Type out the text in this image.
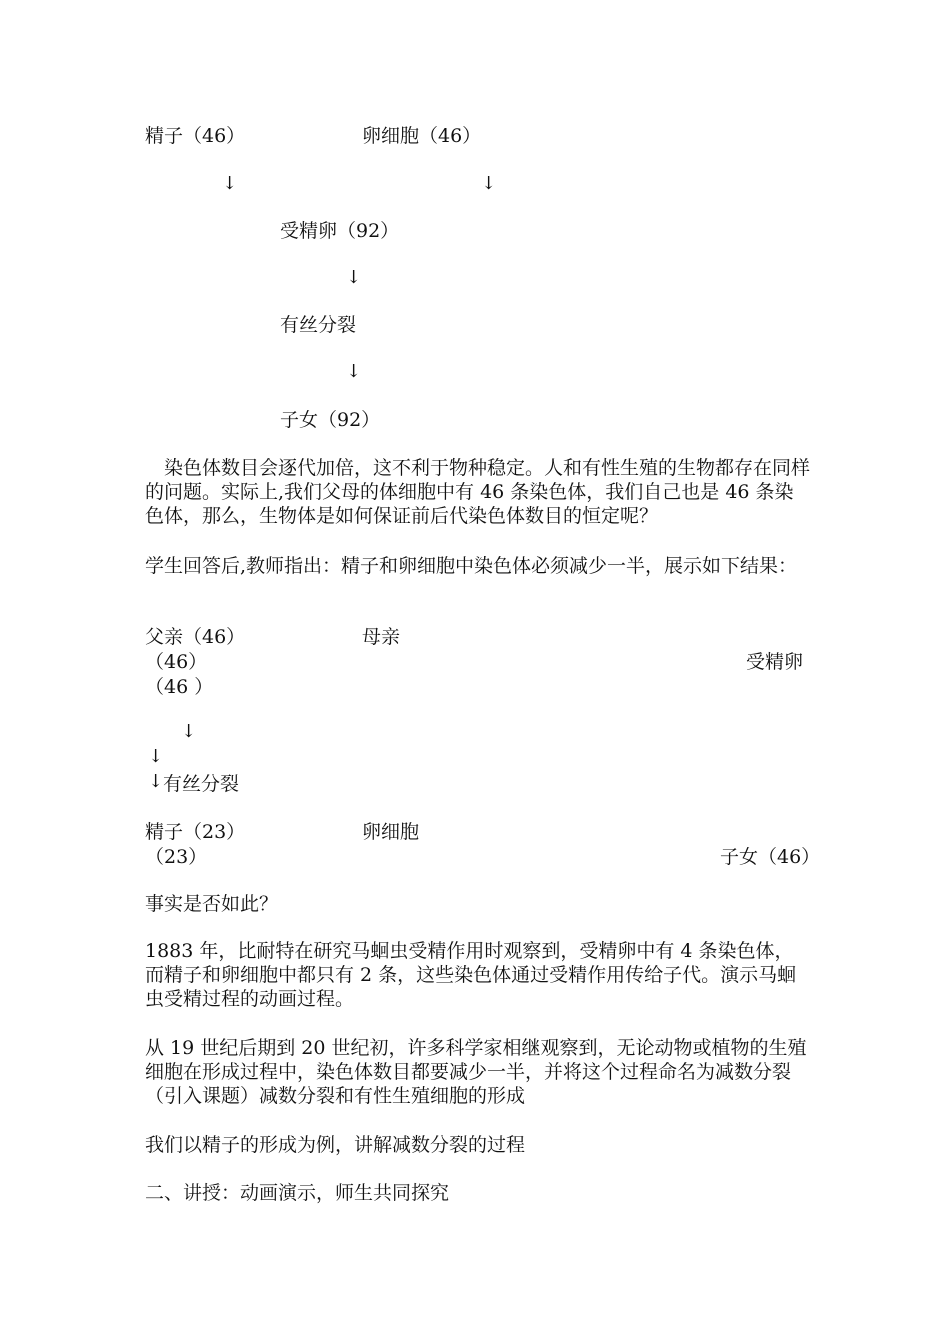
精子（46）	卵细胞（46）
↓	↓
受精卵（92）
↓
有丝分裂
↓
子女（92）

染色体数目会逐代加倍，这不利于物种稳定。人和有性生殖的生物都存在同样的问题。实际上,我们父母的体细胞中有 46 条染色体，我们自己也是 46 条染色体，那么，生物体是如何保证前后代染色体数目的恒定呢？

学生回答后,教师指出：精子和卵细胞中染色体必须减少一半，展示如下结果：

父亲（46）	母亲
（46）	受精卵
（46 ）
↓
↓
↓ 有丝分裂
精子（23）	卵细胞
（23）	子女（46）

事实是否如此？

1883 年，比耐特在研究马蛔虫受精作用时观察到，受精卵中有 4 条染色体，而精子和卵细胞中都只有 2 条，这些染色体通过受精作用传给子代。演示马蛔虫受精过程的动画过程。

从 19 世纪后期到 20 世纪初，许多科学家相继观察到，无论动物或植物的生殖细胞在形成过程中，染色体数目都要减少一半，并将这个过程命名为减数分裂（引入课题）减数分裂和有性生殖细胞的形成

我们以精子的形成为例，讲解减数分裂的过程

二、讲授：动画演示，师生共同探究
